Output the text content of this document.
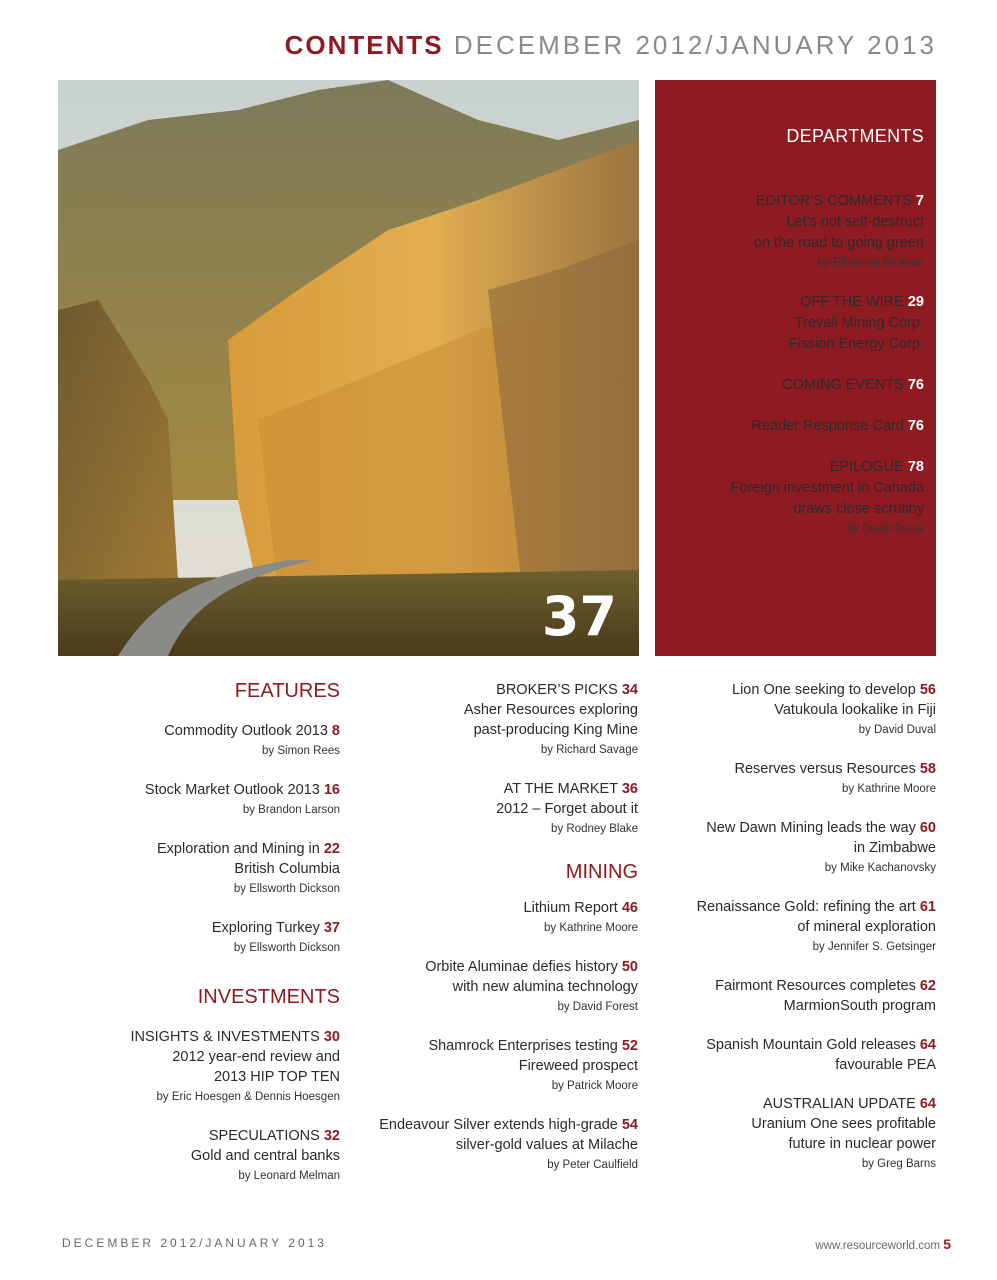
CONTENTS DECEMBER 2012/JANUARY 2013
37
DEPARTMENTS
EDITOR’S COMMENTS 7
Let’s not self-destruct
on the road to going green
by Ellsworth Dickson
OFF THE WIRE 29
Trevali Mining Corp.
Fission Energy Corp.
COMING EVENTS 76
Reader Response Card 76
EPILOGUE 78
Foreign investment in Canada
draws close scrutiny
by David Duval
FEATURES
Commodity Outlook 2013 8
by Simon Rees
Stock Market Outlook 2013 16
by Brandon Larson
Exploration and Mining in 22
British Columbia
by Ellsworth Dickson
Exploring Turkey 37
by Ellsworth Dickson
INVESTMENTS
INSIGHTS & INVESTMENTS 30
2012 year-end review and
2013 HIP TOP TEN
by Eric Hoesgen & Dennis Hoesgen
SPECULATIONS 32
Gold and central banks
by Leonard Melman
BROKER’S PICKS 34
Asher Resources exploring
past-producing King Mine
by Richard Savage
AT THE MARKET 36
2012 – Forget about it
by Rodney Blake
MINING
Lithium Report 46
by Kathrine Moore
Orbite Aluminae defies history 50
with new alumina technology
by David Forest
Shamrock Enterprises testing 52
Fireweed prospect
by Patrick Moore
Endeavour Silver extends high-grade 54
silver-gold values at Milache
by Peter Caulfield
Lion One seeking to develop 56
Vatukoula lookalike in Fiji
by David Duval
Reserves versus Resources 58
by Kathrine Moore
New Dawn Mining leads the way 60
in Zimbabwe
by Mike Kachanovsky
Renaissance Gold: refining the art 61
of mineral exploration
by Jennifer S. Getsinger
Fairmont Resources completes 62
MarmionSouth program
Spanish Mountain Gold releases 64
favourable PEA
AUSTRALIAN UPDATE 64
Uranium One sees profitable
future in nuclear power
by Greg Barns
DECEMBER 2012/JANUARY 2013	www.resourceworld.com 5
